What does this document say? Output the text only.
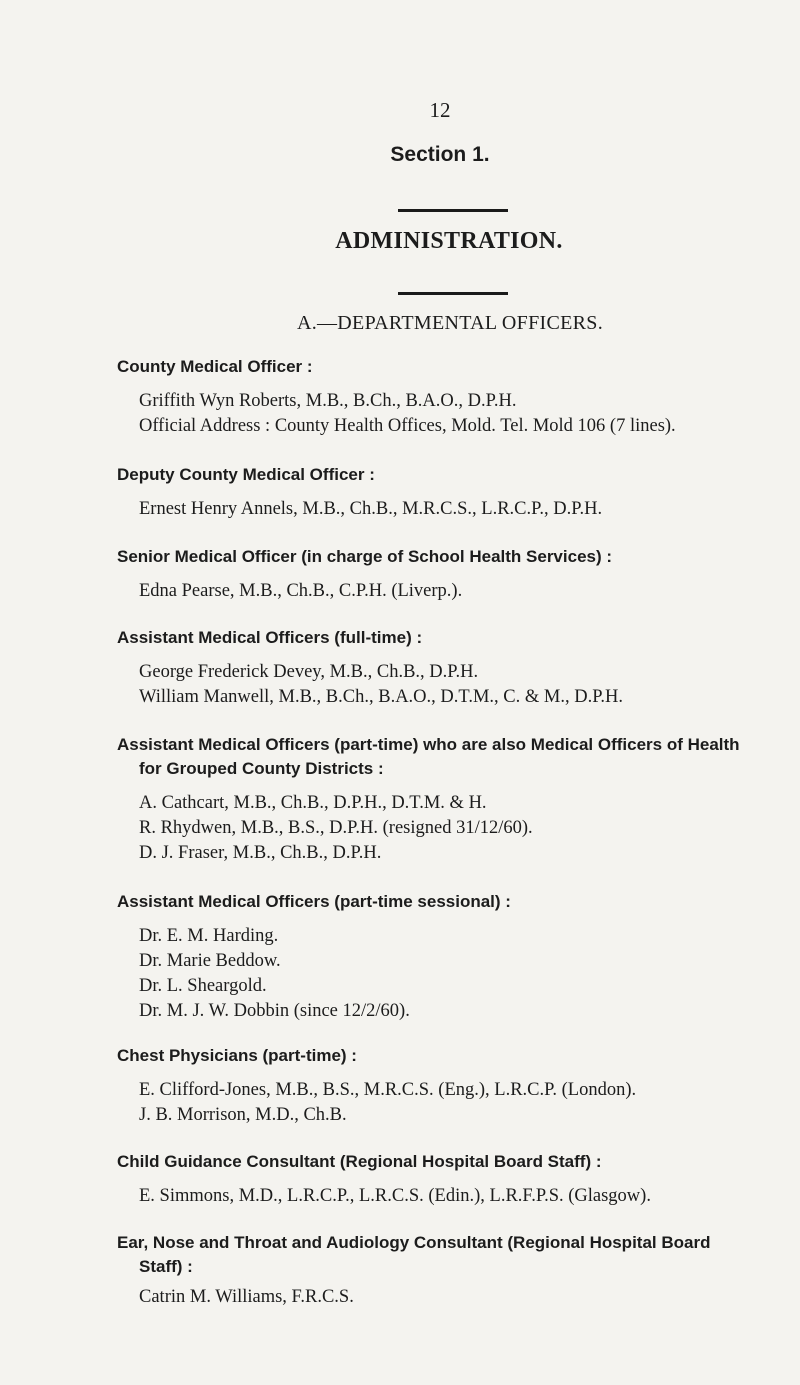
12
Section 1.
ADMINISTRATION.
A.—DEPARTMENTAL OFFICERS.
County Medical Officer :
Griffith Wyn Roberts, M.B., B.Ch., B.A.O., D.P.H.
Official Address : County Health Offices, Mold. Tel. Mold 106 (7 lines).
Deputy County Medical Officer :
Ernest Henry Annels, M.B., Ch.B., M.R.C.S., L.R.C.P., D.P.H.
Senior Medical Officer (in charge of School Health Services) :
Edna Pearse, M.B., Ch.B., C.P.H. (Liverp.).
Assistant Medical Officers (full-time) :
George Frederick Devey, M.B., Ch.B., D.P.H.
William Manwell, M.B., B.Ch., B.A.O., D.T.M., C. & M., D.P.H.
Assistant Medical Officers (part-time) who are also Medical Officers of Health
for Grouped County Districts :
A. Cathcart, M.B., Ch.B., D.P.H., D.T.M. & H.
R. Rhydwen, M.B., B.S., D.P.H. (resigned 31/12/60).
D. J. Fraser, M.B., Ch.B., D.P.H.
Assistant Medical Officers (part-time sessional) :
Dr. E. M. Harding.
Dr. Marie Beddow.
Dr. L. Sheargold.
Dr. M. J. W. Dobbin (since 12/2/60).
Chest Physicians (part-time) :
E. Clifford-Jones, M.B., B.S., M.R.C.S. (Eng.), L.R.C.P. (London).
J. B. Morrison, M.D., Ch.B.
Child Guidance Consultant (Regional Hospital Board Staff) :
E. Simmons, M.D., L.R.C.P., L.R.C.S. (Edin.), L.R.F.P.S. (Glasgow).
Ear, Nose and Throat and Audiology Consultant (Regional Hospital Board
Staff) :
Catrin M. Williams, F.R.C.S.
